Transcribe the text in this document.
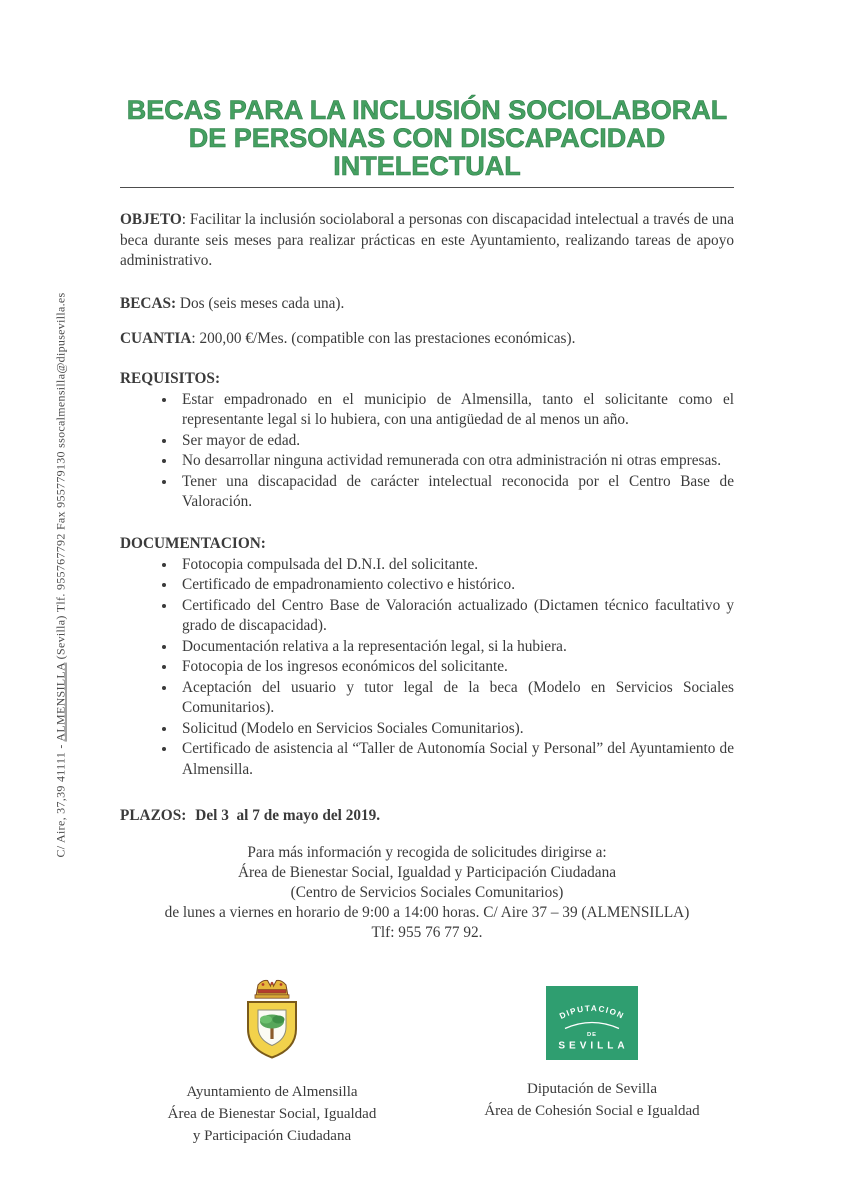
C/ Aire, 37,39 41111 - ALMENSILLA (Sevilla) Tlf. 955767792 Fax 955779130 ssocalmensilla@dipusevilla.es
BECAS PARA LA INCLUSIÓN SOCIOLABORAL
DE PERSONAS CON DISCAPACIDAD
INTELECTUAL

OBJETO: Facilitar la inclusión sociolaboral a personas con discapacidad intelectual a través de una beca durante seis meses para realizar prácticas en este Ayuntamiento, realizando tareas de apoyo administrativo.

BECAS: Dos (seis meses cada una).

CUANTIA: 200,00 €/Mes. (compatible con las prestaciones económicas).

REQUISITOS:

• Estar empadronado en el municipio de Almensilla, tanto el solicitante como el representante legal si lo hubiera, con una antigüedad de al menos un año.
• Ser mayor de edad.
• No desarrollar ninguna actividad remunerada con otra administración ni otras empresas.
• Tener una discapacidad de carácter intelectual reconocida por el Centro Base de Valoración.

DOCUMENTACION:

• Fotocopia compulsada del D.N.I. del solicitante.
• Certificado de empadronamiento colectivo e histórico.
• Certificado del Centro Base de Valoración actualizado (Dictamen técnico facultativo y grado de discapacidad).
• Documentación relativa a la representación legal, si la hubiera.
• Fotocopia de los ingresos económicos del solicitante.
• Aceptación del usuario y tutor legal de la beca (Modelo en Servicios Sociales Comunitarios).
• Solicitud (Modelo en Servicios Sociales Comunitarios).
• Certificado de asistencia al “Taller de Autonomía Social y Personal” del Ayuntamiento de Almensilla.

PLAZOS: Del 3  al 7 de mayo del 2019.

Para más información y recogida de solicitudes dirigirse a:
Área de Bienestar Social, Igualdad y Participación Ciudadana
(Centro de Servicios Sociales Comunitarios)
de lunes a viernes en horario de 9:00 a 14:00 horas. C/ Aire 37 – 39 (ALMENSILLA)
Tlf: 955 76 77 92.
Ayuntamiento de Almensilla
Área de Bienestar Social, Igualdad
y Participación Ciudadana
DIPUTACION
DE
SEVILLA
Diputación de Sevilla
Área de Cohesión Social e Igualdad
